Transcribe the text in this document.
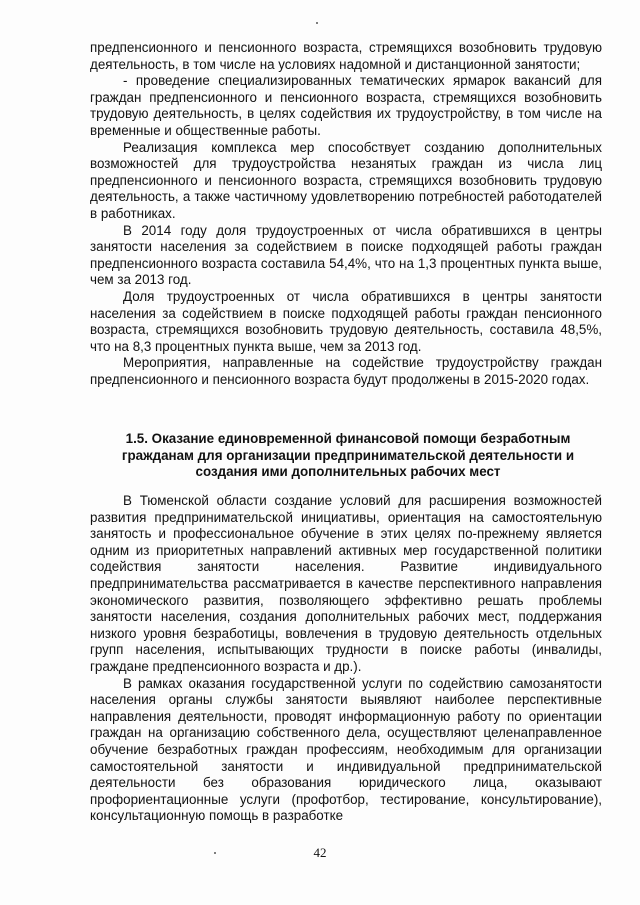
предпенсионного и пенсионного возраста, стремящихся возобновить трудовую деятельность, в том числе на условиях надомной и дистанционной занятости;

- проведение специализированных тематических ярмарок вакансий для граждан предпенсионного и пенсионного возраста, стремящихся возобновить трудовую деятельность, в целях содействия их трудоустройству, в том числе на временные и общественные работы.

Реализация комплекса мер способствует созданию дополнительных возможностей для трудоустройства незанятых граждан из числа лиц предпенсионного и пенсионного возраста, стремящихся возобновить трудовую деятельность, а также частичному удовлетворению потребностей работодателей в работниках.

В 2014 году доля трудоустроенных от числа обратившихся в центры занятости населения за содействием в поиске подходящей работы граждан предпенсионного возраста составила 54,4%, что на 1,3 процентных пункта выше, чем за 2013 год.

Доля трудоустроенных от числа обратившихся в центры занятости населения за содействием в поиске подходящей работы граждан пенсионного возраста, стремящихся возобновить трудовую деятельность, составила 48,5%, что на 8,3 процентных пункта выше, чем за 2013 год.

Мероприятия, направленные на содействие трудоустройству граждан предпенсионного и пенсионного возраста будут продолжены в 2015-2020 годах.

1.5. Оказание единовременной финансовой помощи безработным
гражданам для организации предпринимательской деятельности и
создания ими дополнительных рабочих мест

В Тюменской области создание условий для расширения возможностей развития предпринимательской инициативы, ориентация на самостоятельную занятость и профессиональное обучение в этих целях по-прежнему является одним из приоритетных направлений активных мер государственной политики содействия занятости населения. Развитие индивидуального предпринимательства рассматривается в качестве перспективного направления экономического развития, позволяющего эффективно решать проблемы занятости населения, создания дополнительных рабочих мест, поддержания низкого уровня безработицы, вовлечения в трудовую деятельность отдельных групп населения, испытывающих трудности в поиске работы (инвалиды, граждане предпенсионного возраста и др.).

В рамках оказания государственной услуги по содействию самозанятости населения органы службы занятости выявляют наиболее перспективные направления деятельности, проводят информационную работу по ориентации граждан на организацию собственного дела, осуществляют целенаправленное обучение безработных граждан профессиям, необходимым для организации самостоятельной занятости и индивидуальной предпринимательской деятельности без образования юридического лица, оказывают профориентационные услуги (профотбор, тестирование, консультирование), консультационную помощь в разработке

42
